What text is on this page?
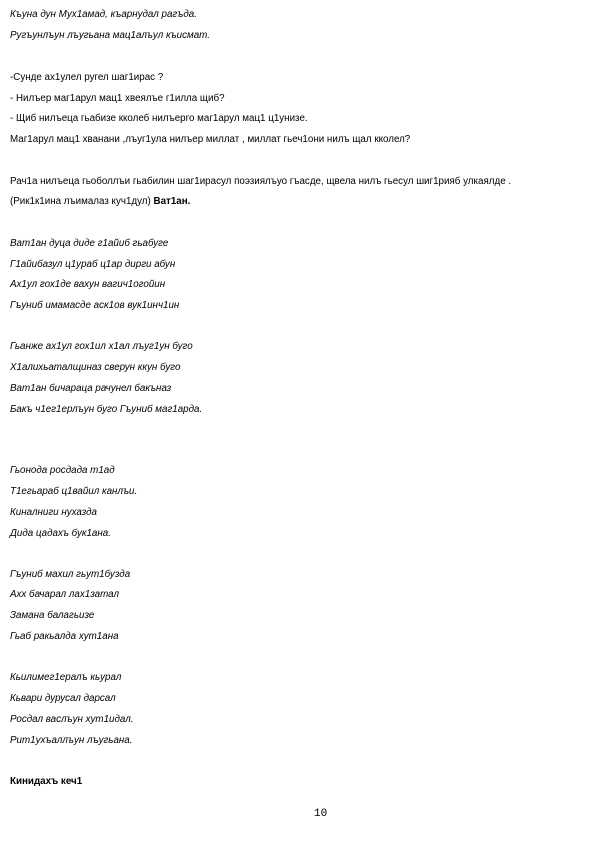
Къуна дун Мух1амад, къарнудал рагъда.

Ругъунлъун лъугьана мац1алъул къисмат.

-Сунде ах1улел ругел шаг1ирас ?

- Нилъер маг1арул мац1 хвеялъе г1илла щиб?

- Щиб нилъеца гьабизе кколеб нилъерго маг1арул мац1 ц1унизе.

Маг1арул мац1 хванани ,лъуг1ула нилъер миллат , миллат гьеч1они нилъ щал кколел?

Рач1а нилъеца гьоболлъи гьабилин шаг1ирасул поэзиялъуо гъасде, щвела нилъ гьесул шиг1рияб улкаялде .

(Рик1к1ина лъималаз куч1дул) Ват1ан.

Ват1ан дуца диде г1айиб гьабуге

Г1айибазул ц1ураб ц1ар дирги абун

Ах1ул гох1де вахун вагич1огойин

Гъуниб имамасде аск1ов вук1инч1ин

Гьанже ах1ул гох1ил х1ал лъуг1ун буго

Х1алихьаталщиназ сверун ккун буго

Ват1ан бичараца рачунел бакъназ

Бакъ ч1ег1ерлъун буго Гъуниб маг1арда.

Гьонода росдада т1ад

Т1егьараб ц1вайил канлъи.

Киналниги нухазда

Дида цадахъ бук1ана.

Гъуниб махил гьут1бузда

Ахх бачарал лах1затал

Замана балагьизе

Гьаб ракьалда хут1ана

Кьилимег1ералъ кьурал

Кьвари дурусал дарсал

Росдал васлъун хут1идал.

Рит1ухъаллъун лъугьана.

Кинидахъ кеч1

10
